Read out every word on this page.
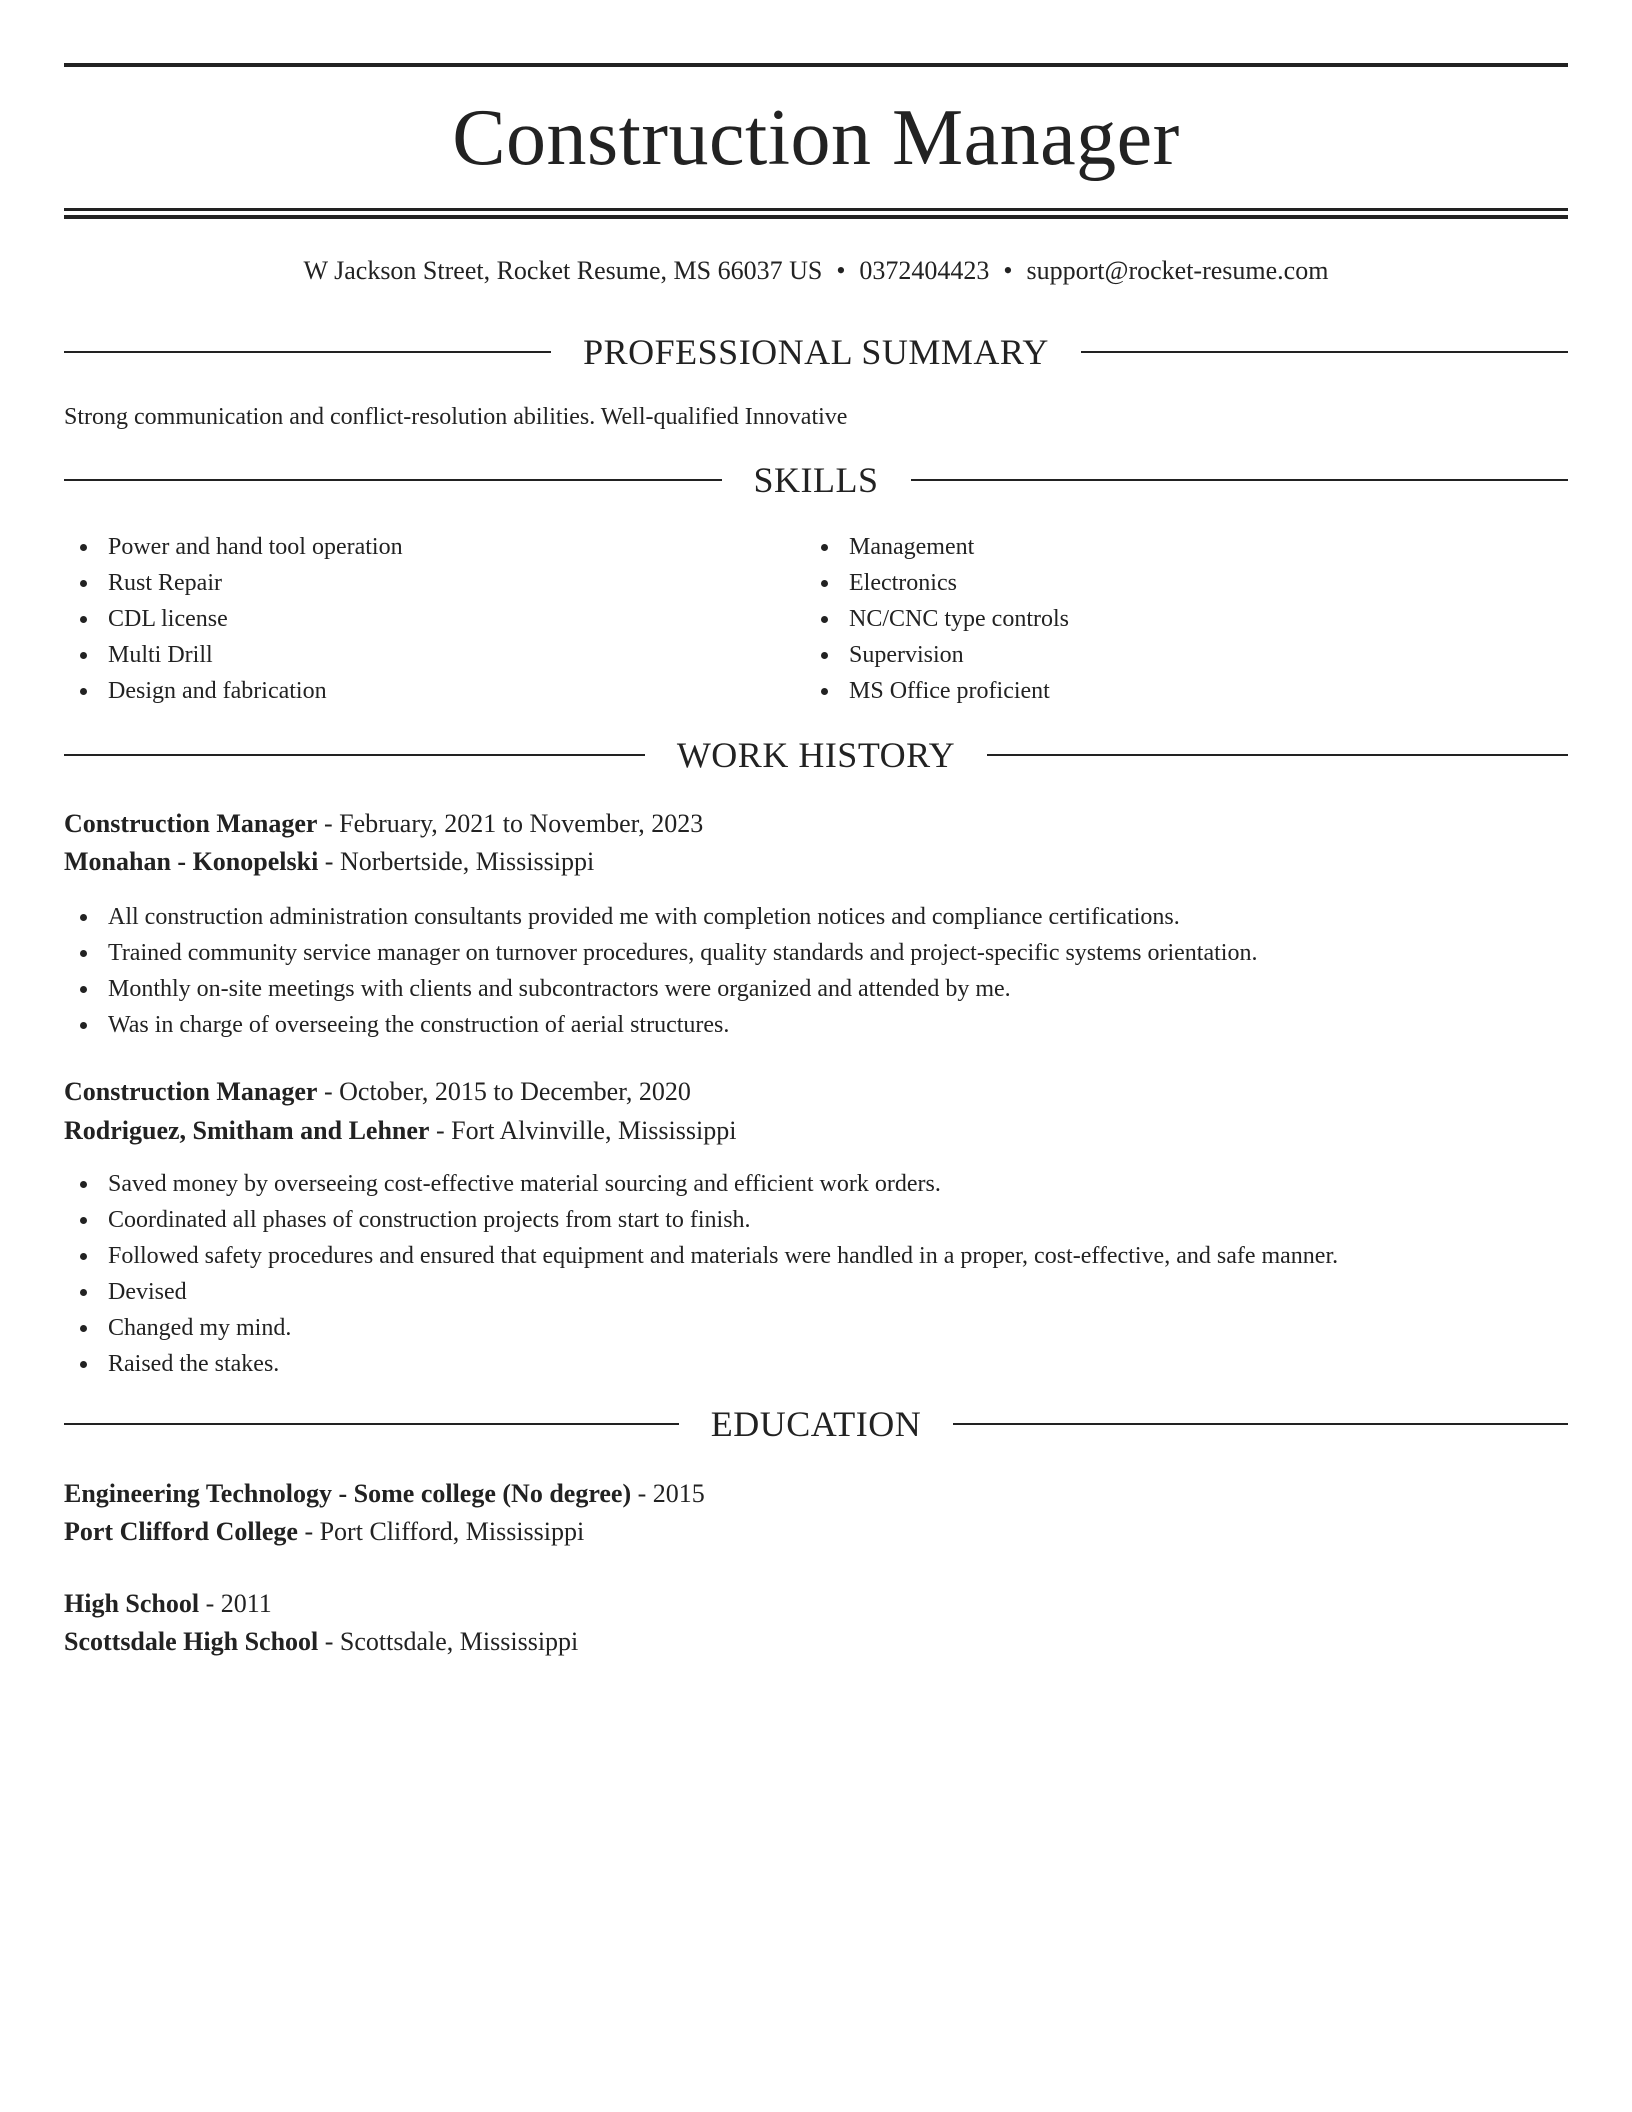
Construction Manager
W Jackson Street, Rocket Resume, MS 66037 US • 0372404423 • support@rocket-resume.com
PROFESSIONAL SUMMARY
Strong communication and conflict-resolution abilities. Well-qualified Innovative
SKILLS
Power and hand tool operation
Rust Repair
CDL license
Multi Drill
Design and fabrication
Management
Electronics
NC/CNC type controls
Supervision
MS Office proficient
WORK HISTORY
Construction Manager - February, 2021 to November, 2023
Monahan - Konopelski - Norbertside, Mississippi
All construction administration consultants provided me with completion notices and compliance certifications.
Trained community service manager on turnover procedures, quality standards and project-specific systems orientation.
Monthly on-site meetings with clients and subcontractors were organized and attended by me.
Was in charge of overseeing the construction of aerial structures.
Construction Manager - October, 2015 to December, 2020
Rodriguez, Smitham and Lehner - Fort Alvinville, Mississippi
Saved money by overseeing cost-effective material sourcing and efficient work orders.
Coordinated all phases of construction projects from start to finish.
Followed safety procedures and ensured that equipment and materials were handled in a proper, cost-effective, and safe manner.
Devised
Changed my mind.
Raised the stakes.
EDUCATION
Engineering Technology - Some college (No degree) - 2015
Port Clifford College - Port Clifford, Mississippi
High School - 2011
Scottsdale High School - Scottsdale, Mississippi
